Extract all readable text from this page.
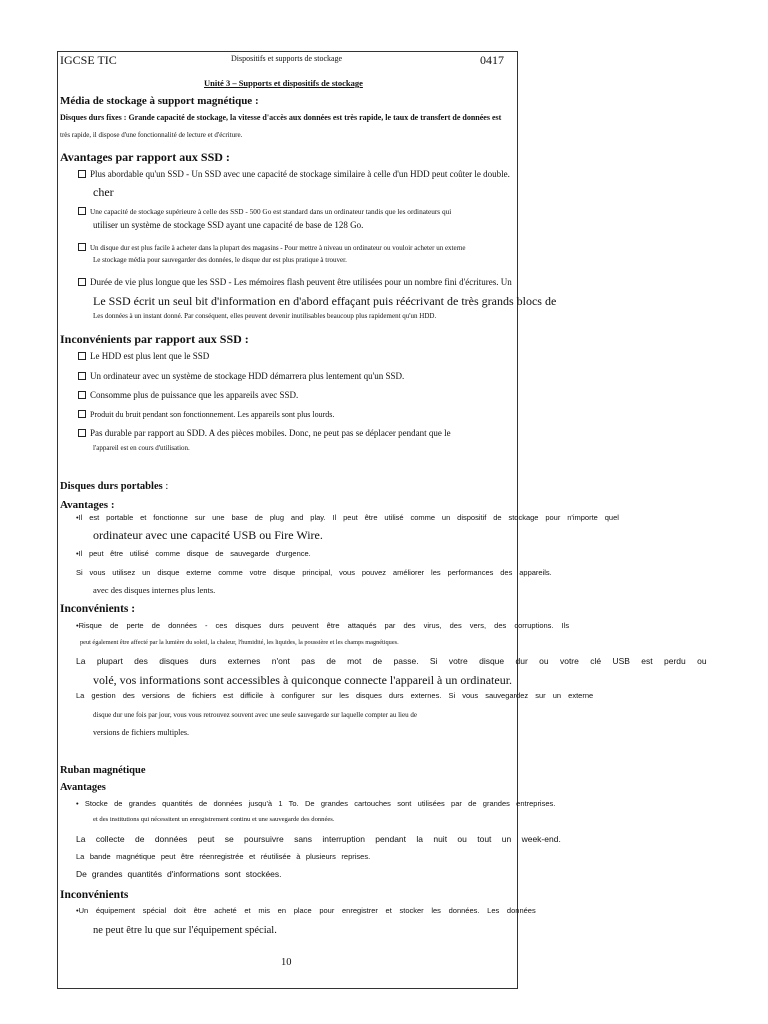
IGCSE TIC	Dispositifs et supports de stockage	0417
Unité 3 – Supports et dispositifs de stockage
Média de stockage à support magnétique :
Disques durs fixes : Grande capacité de stockage, la vitesse d'accès aux données est très rapide, le taux de transfert de données est
très rapide, il dispose d'une fonctionnalité de lecture et d'écriture.
Avantages par rapport aux SSD :
Plus abordable qu'un SSD - Un SSD avec une capacité de stockage similaire à celle d'un HDD peut coûter le double.
cher
Une capacité de stockage supérieure à celle des SSD - 500 Go est standard dans un ordinateur tandis que les ordinateurs qui
utiliser un système de stockage SSD ayant une capacité de base de 128 Go.
Un disque dur est plus facile à acheter dans la plupart des magasins - Pour mettre à niveau un ordinateur ou vouloir acheter un externe
Le stockage média pour sauvegarder des données, le disque dur est plus pratique à trouver.
Durée de vie plus longue que les SSD - Les mémoires flash peuvent être utilisées pour un nombre fini d'écritures. Un
Le SSD écrit un seul bit d'information en d'abord effaçant puis réécrivant de très grands blocs de
Les données à un instant donné. Par conséquent, elles peuvent devenir inutilisables beaucoup plus rapidement qu'un HDD.
Inconvénients par rapport aux SSD :
Le HDD est plus lent que le SSD
Un ordinateur avec un système de stockage HDD démarrera plus lentement qu'un SSD.
Consomme plus de puissance que les appareils avec SSD.
Produit du bruit pendant son fonctionnement. Les appareils sont plus lourds.
Pas durable par rapport au SDD. A des pièces mobiles. Donc, ne peut pas se déplacer pendant que le
l'appareil est en cours d'utilisation.
Disques durs portables :
Avantages :
•Il est portable et fonctionne sur une base de plug and play. Il peut être utilisé comme un dispositif de stockage pour n'importe quel
ordinateur avec une capacité USB ou Fire Wire.
•Il peut être utilisé comme disque de sauvegarde d'urgence.
Si vous utilisez un disque externe comme votre disque principal, vous pouvez améliorer les performances des appareils.
avec des disques internes plus lents.
Inconvénients :
•Risque de perte de données - ces disques durs peuvent être attaqués par des virus, des vers, des corruptions. Ils
peut également être affecté par la lumière du soleil, la chaleur, l'humidité, les liquides, la poussière et les champs magnétiques.
La plupart des disques durs externes n'ont pas de mot de passe. Si votre disque dur ou votre clé USB est perdu ou
volé, vos informations sont accessibles à quiconque connecte l'appareil à un ordinateur.
La gestion des versions de fichiers est difficile à configurer sur les disques durs externes. Si vous sauvegardez sur un externe
disque dur une fois par jour, vous vous retrouvez souvent avec une seule sauvegarde sur laquelle compter au lieu de
versions de fichiers multiples.
Ruban magnétique
Avantages
• Stocke de grandes quantités de données jusqu'à 1 To. De grandes cartouches sont utilisées par de grandes entreprises.
et des institutions qui nécessitent un enregistrement continu et une sauvegarde des données.
La collecte de données peut se poursuivre sans interruption pendant la nuit ou tout un week-end.
La bande magnétique peut être réenregistrée et réutilisée à plusieurs reprises.
De grandes quantités d'informations sont stockées.
Inconvénients
•Un équipement spécial doit être acheté et mis en place pour enregistrer et stocker les données. Les données
ne peut être lu que sur l'équipement spécial.
10
